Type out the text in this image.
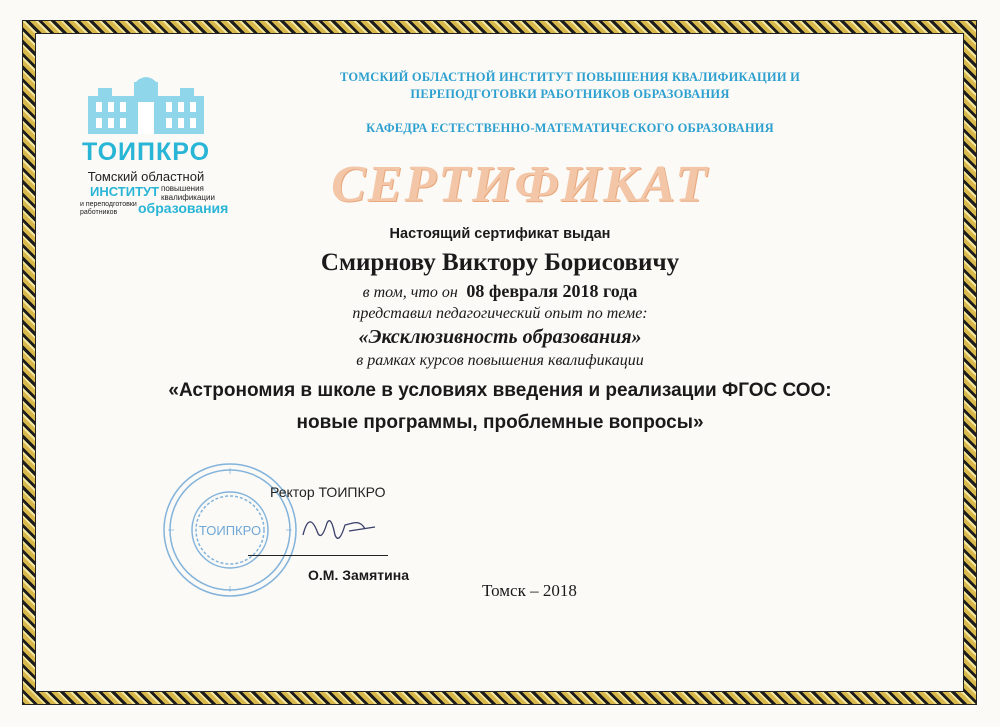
ТОИПКРО
Томский областной
ИНСТИТУТ повышения
квалификации
и переподготовки
работников	образования
ТОМСКИЙ ОБЛАСТНОЙ ИНСТИТУТ ПОВЫШЕНИЯ КВАЛИФИКАЦИИ И
ПЕРЕПОДГОТОВКИ РАБОТНИКОВ ОБРАЗОВАНИЯ
КАФЕДРА ЕСТЕСТВЕННО-МАТЕМАТИЧЕСКОГО ОБРАЗОВАНИЯ
СЕРТИФИКАТ
Настоящий сертификат выдан
Смирнову Виктору Борисовичу
в том, что он 08 февраля 2018 года
представил педагогический опыт по теме:
«Эксклюзивность образования»
в рамках курсов повышения квалификации
«Астрономия в школе в условиях введения и реализации ФГОС СОО:
новые программы, проблемные вопросы»
ТОИПКРО
Ректор ТОИПКРО
О.М. Замятина
Томск – 2018
